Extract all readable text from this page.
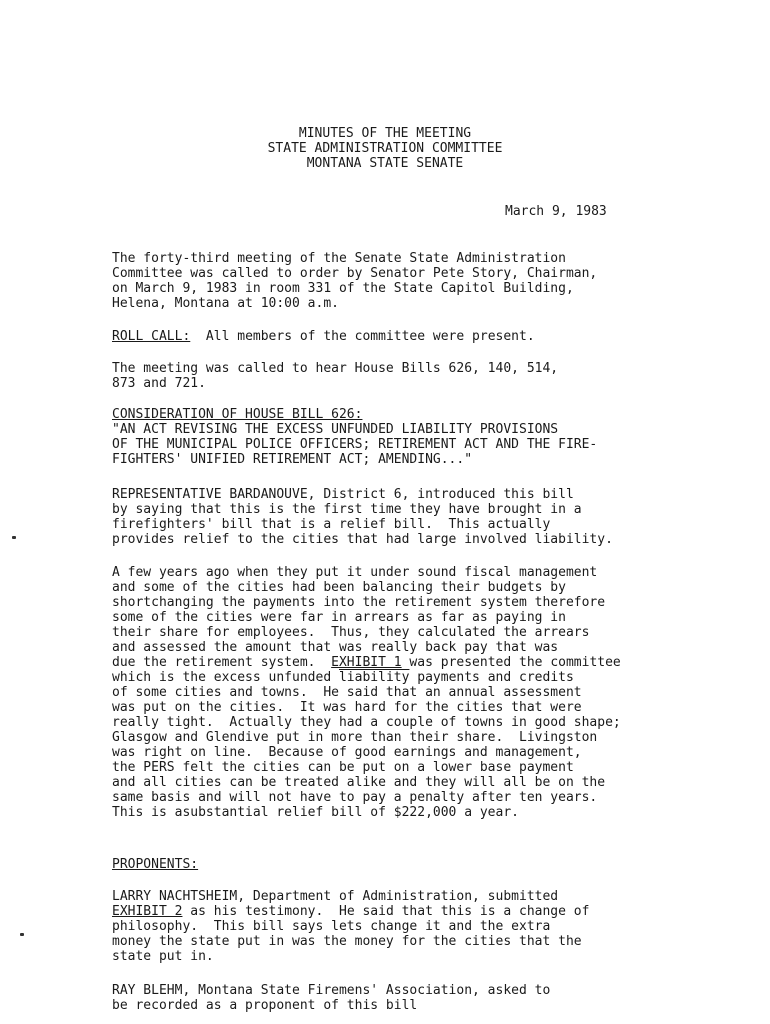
MINUTES OF THE MEETING
STATE ADMINISTRATION COMMITTEE
MONTANA STATE SENATE
March 9, 1983
The forty-third meeting of the Senate State Administration
Committee was called to order by Senator Pete Story, Chairman,
on March 9, 1983 in room 331 of the State Capitol Building,
Helena, Montana at 10:00 a.m.
ROLL CALL:  All members of the committee were present.
The meeting was called to hear House Bills 626, 140, 514,
873 and 721.
CONSIDERATION OF HOUSE BILL 626:
"AN ACT REVISING THE EXCESS UNFUNDED LIABILITY PROVISIONS
OF THE MUNICIPAL POLICE OFFICERS; RETIREMENT ACT AND THE FIRE-
FIGHTERS' UNIFIED RETIREMENT ACT; AMENDING..."
REPRESENTATIVE BARDANOUVE, District 6, introduced this bill
by saying that this is the first time they have brought in a
firefighters' bill that is a relief bill.  This actually
provides relief to the cities that had large involved liability.
A few years ago when they put it under sound fiscal management
and some of the cities had been balancing their budgets by
shortchanging the payments into the retirement system therefore
some of the cities were far in arrears as far as paying in
their share for employees.  Thus, they calculated the arrears
and assessed the amount that was really back pay that was
due the retirement system.  EXHIBIT 1 was presented the committee
which is the excess unfunded liability payments and credits
of some cities and towns.  He said that an annual assessment
was put on the cities.  It was hard for the cities that were
really tight.  Actually they had a couple of towns in good shape;
Glasgow and Glendive put in more than their share.  Livingston
was right on line.  Because of good earnings and management,
the PERS felt the cities can be put on a lower base payment
and all cities can be treated alike and they will all be on the
same basis and will not have to pay a penalty after ten years.
This is asubstantial relief bill of $222,000 a year.
PROPONENTS:
LARRY NACHTSHEIM, Department of Administration, submitted
EXHIBIT 2 as his testimony.  He said that this is a change of
philosophy.  This bill says lets change it and the extra
money the state put in was the money for the cities that the
state put in.
RAY BLEHM, Montana State Firemens' Association, asked to
be recorded as a proponent of this bill
